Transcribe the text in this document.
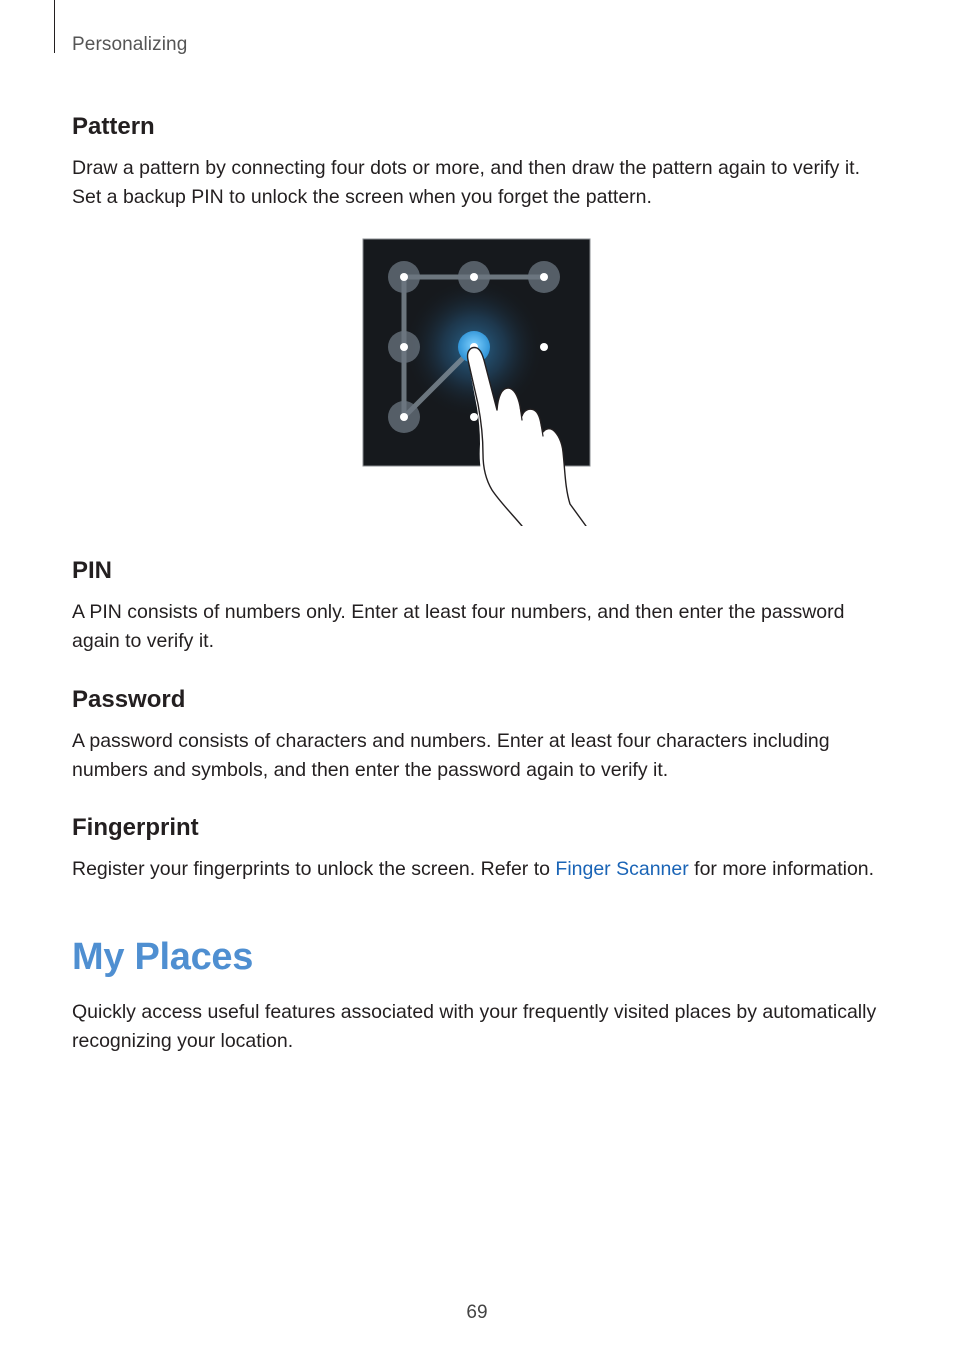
Personalizing
Pattern

Draw a pattern by connecting four dots or more, and then draw the pattern again to verify it.
Set a backup PIN to unlock the screen when you forget the pattern.

PIN

A PIN consists of numbers only. Enter at least four numbers, and then enter the password
again to verify it.

Password

A password consists of characters and numbers. Enter at least four characters including
numbers and symbols, and then enter the password again to verify it.

Fingerprint

Register your fingerprints to unlock the screen. Refer to Finger Scanner for more information.

My Places

Quickly access useful features associated with your frequently visited places by automatically
recognizing your location.

69
